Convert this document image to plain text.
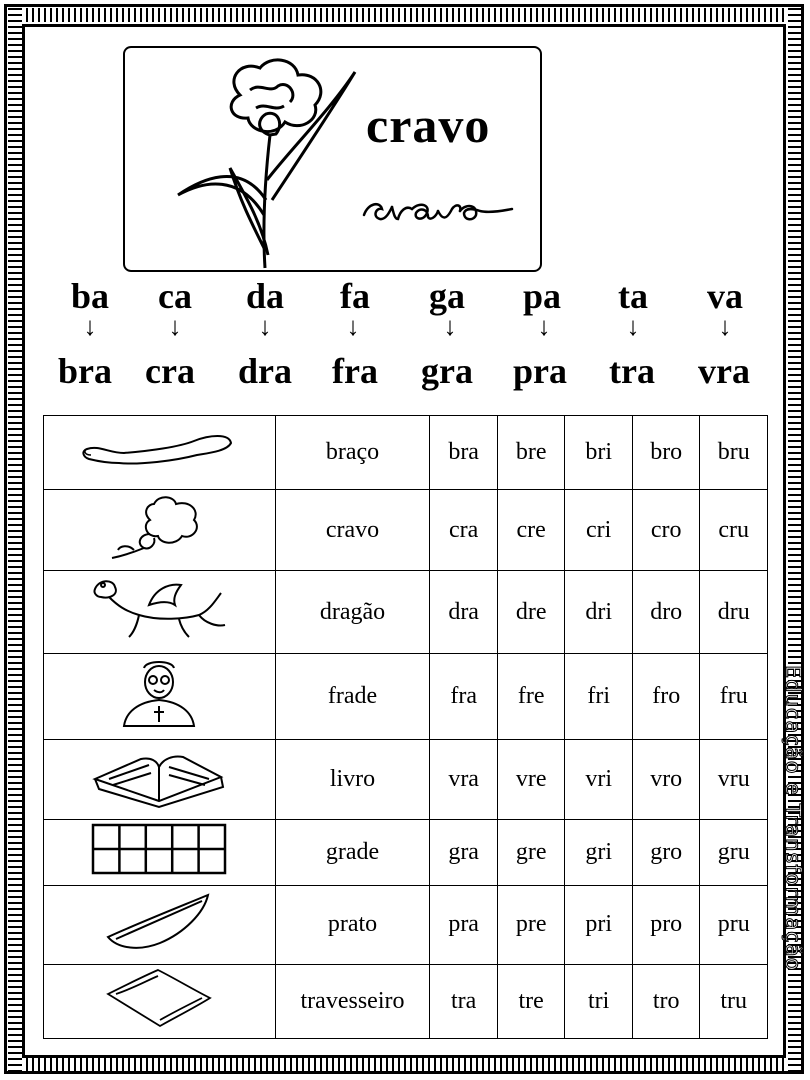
cravo
ba	ca	da	fa	ga	pa	ta	va
↓	↓	↓	↓	↓	↓	↓	↓
bra cra	dra	fra	gra	pra	tra	vra
	braço	bra	bre	bri	bro	bru
	cravo	cra	cre	cri	cro	cru
	dragão	dra	dre	dri	dro	dru
	frade	fra	fre	fri	fro	fru
	livro	vra	vre	vri	vro	vru
	grade	gra	gre	gri	gro	gru
	prato	pra	pre	pri	pro	pru
	travesseiro	tra	tre	tri	tro	tru
Educação e Transformação
